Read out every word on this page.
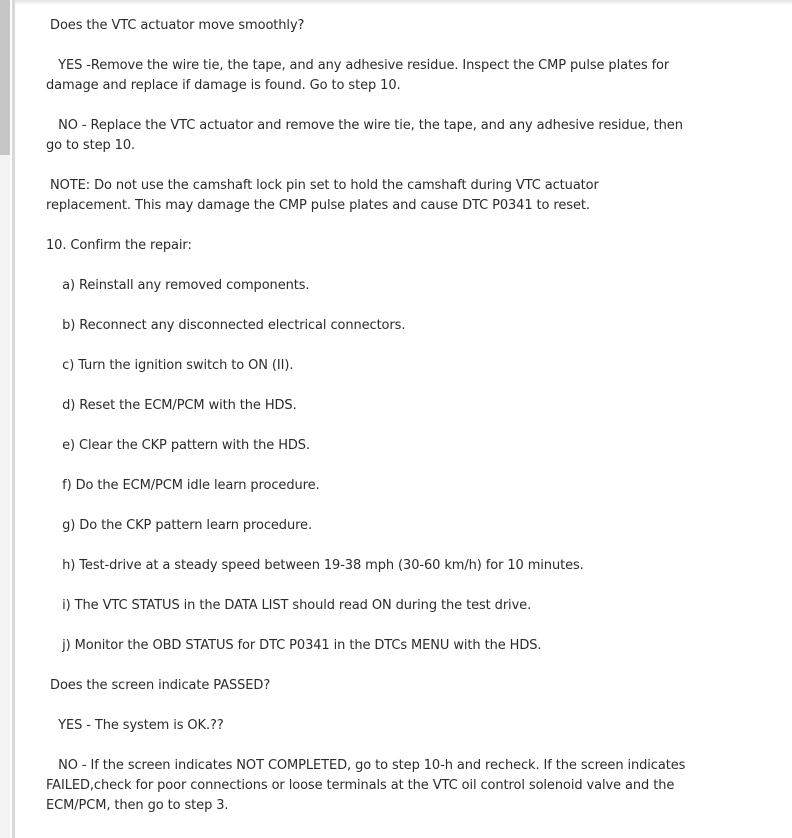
Does the VTC actuator move smoothly?

YES -Remove the wire tie, the tape, and any adhesive residue. Inspect the CMP pulse plates for damage and replace if damage is found. Go to step 10.

NO - Replace the VTC actuator and remove the wire tie, the tape, and any adhesive residue, then go to step 10.

NOTE: Do not use the camshaft lock pin set to hold the camshaft during VTC actuator replacement. This may damage the CMP pulse plates and cause DTC P0341 to reset.

10. Confirm the repair:

a) Reinstall any removed components.

b) Reconnect any disconnected electrical connectors.

c) Turn the ignition switch to ON (II).

d) Reset the ECM/PCM with the HDS.

e) Clear the CKP pattern with the HDS.

f) Do the ECM/PCM idle learn procedure.

g) Do the CKP pattern learn procedure.

h) Test-drive at a steady speed between 19-38 mph (30-60 km/h) for 10 minutes.

i) The VTC STATUS in the DATA LIST should read ON during the test drive.

j) Monitor the OBD STATUS for DTC P0341 in the DTCs MENU with the HDS.

Does the screen indicate PASSED?

YES - The system is OK.??

NO - If the screen indicates NOT COMPLETED, go to step 10-h and recheck. If the screen indicates FAILED,check for poor connections or loose terminals at the VTC oil control solenoid valve and the ECM/PCM, then go to step 3.
